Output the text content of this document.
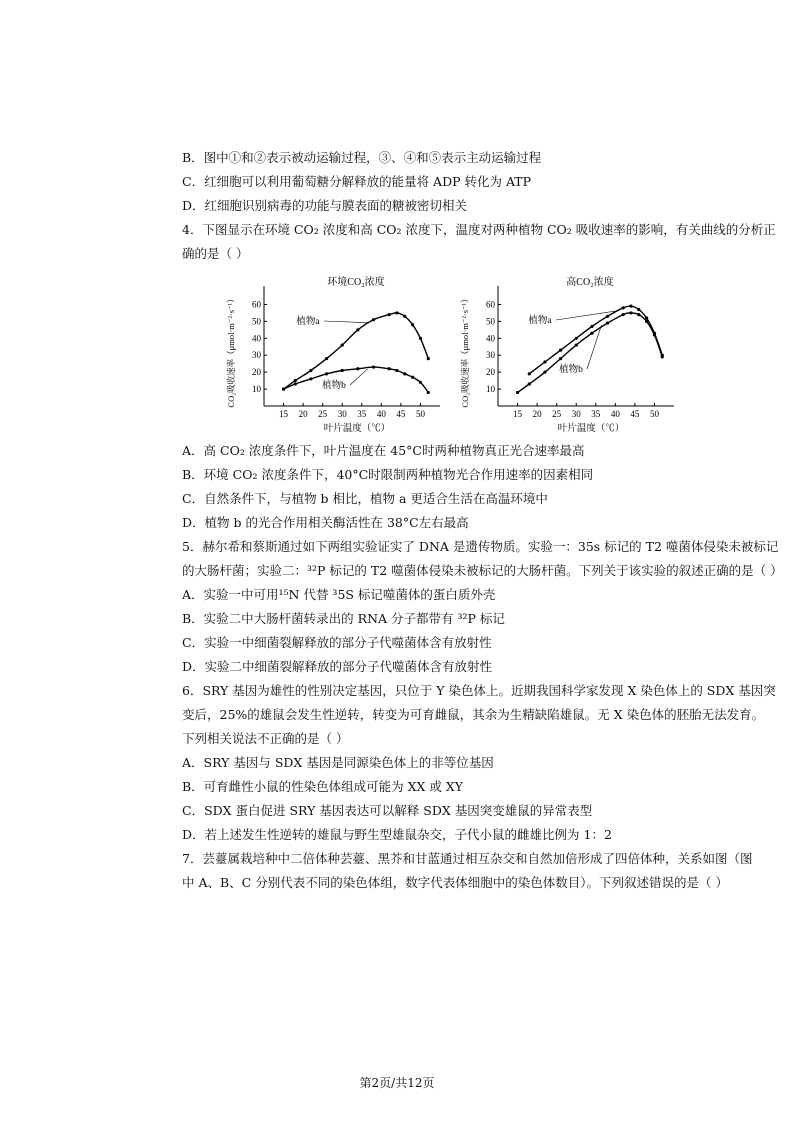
B．图中①和②表示被动运输过程，③、④和⑤表示主动运输过程
C．红细胞可以利用葡萄糖分解释放的能量将 ADP 转化为 ATP
D．红细胞识别病毒的功能与膜表面的糖被密切相关
4．下图显示在环境 CO₂ 浓度和高 CO₂ 浓度下，温度对两种植物 CO₂ 吸收速率的影响，有关曲线的分析正
确的是（ ）
环境CO₂浓度
10
20
30
40
50
60
15 20 25 30 35 40 45 50
叶片温度（℃）
CO₂吸收速率（μmol·m⁻²·s⁻¹）	植物a
植物b
高CO₂浓度
10
20
30
40
50
60
15 20 25 30 35 40 45 50
叶片温度（℃）
CO₂吸收速率（μmol·m⁻²·s⁻¹）	植物a
植物b
A．高 CO₂ 浓度条件下，叶片温度在 45°C时两种植物真正光合速率最高
B．环境 CO₂ 浓度条件下，40°C时限制两种植物光合作用速率的因素相同
C．自然条件下，与植物 b 相比，植物 a 更适合生活在高温环境中
D．植物 b 的光合作用相关酶活性在 38°C左右最高
5．赫尔希和蔡斯通过如下两组实验证实了 DNA 是遗传物质。实验一：35s 标记的 T2 噬菌体侵染未被标记
的大肠杆菌；实验二：³²P 标记的 T2 噬菌体侵染未被标记的大肠杆菌。下列关于该实验的叙述正确的是（ ）
A．实验一中可用¹⁵N 代替 ³5S 标记噬菌体的蛋白质外壳
B．实验二中大肠杆菌转录出的 RNA 分子都带有 ³²P 标记
C．实验一中细菌裂解释放的部分子代噬菌体含有放射性
D．实验二中细菌裂解释放的部分子代噬菌体含有放射性
6．SRY 基因为雄性的性别决定基因，只位于 Y 染色体上。近期我国科学家发现 X 染色体上的 SDX 基因突
变后，25%的雄鼠会发生性逆转，转变为可育雌鼠，其余为生精缺陷雄鼠。无 X 染色体的胚胎无法发育。
下列相关说法不正确的是（ ）
A．SRY 基因与 SDX 基因是同源染色体上的非等位基因
B．可育雌性小鼠的性染色体组成可能为 XX 或 XY
C．SDX 蛋白促进 SRY 基因表达可以解释 SDX 基因突变雄鼠的异常表型
D．若上述发生性逆转的雄鼠与野生型雄鼠杂交，子代小鼠的雌雄比例为 1：2
7．芸薹属栽培种中二倍体种芸薹、黑芥和甘蓝通过相互杂交和自然加倍形成了四倍体种，关系如图（图
中 A、B、C 分别代表不同的染色体组，数字代表体细胞中的染色体数目）。下列叙述错误的是（ ）
第2页/共12页
